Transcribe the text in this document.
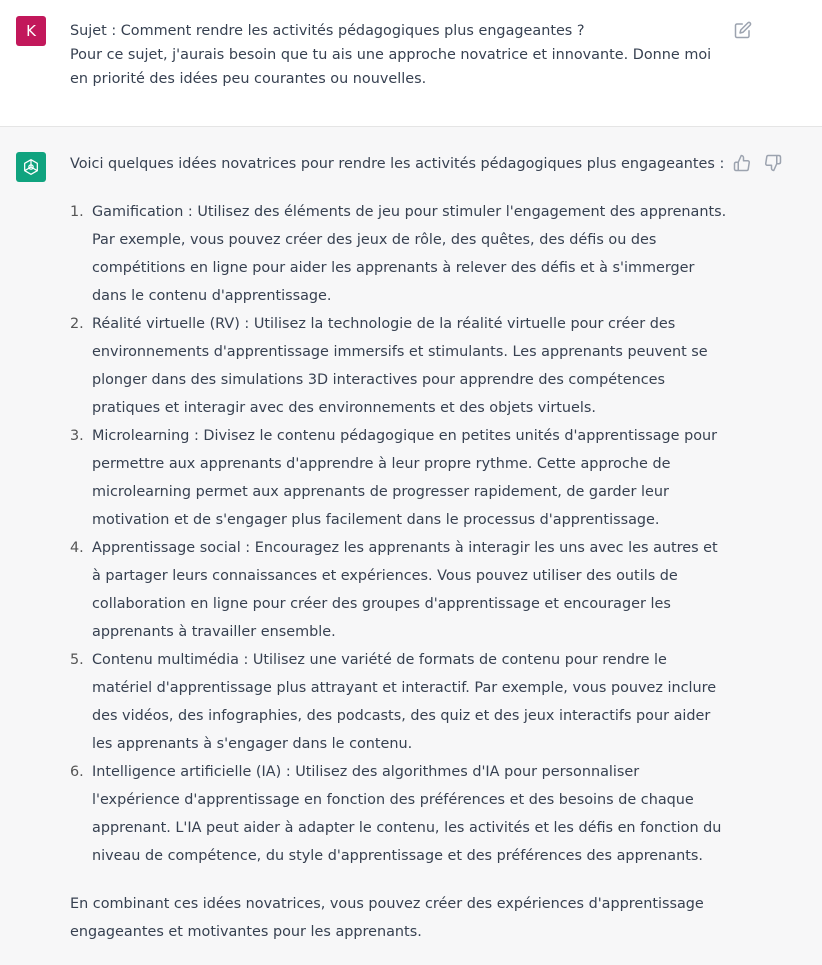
K	Sujet : Comment rendre les activités pédagogiques plus engageantes ?

Pour ce sujet, j'aurais besoin que tu ais une approche novatrice et innovante. Donne moi en priorité des idées peu courantes ou nouvelles.

Voici quelques idées novatrices pour rendre les activités pédagogiques plus engageantes :

1. Gamification : Utilisez des éléments de jeu pour stimuler l'engagement des apprenants. Par exemple, vous pouvez créer des jeux de rôle, des quêtes, des défis ou des compétitions en ligne pour aider les apprenants à relever des défis et à s'immerger dans le contenu d'apprentissage.
2. Réalité virtuelle (RV) : Utilisez la technologie de la réalité virtuelle pour créer des environnements d'apprentissage immersifs et stimulants. Les apprenants peuvent se plonger dans des simulations 3D interactives pour apprendre des compétences pratiques et interagir avec des environnements et des objets virtuels.
3. Microlearning : Divisez le contenu pédagogique en petites unités d'apprentissage pour permettre aux apprenants d'apprendre à leur propre rythme. Cette approche de microlearning permet aux apprenants de progresser rapidement, de garder leur motivation et de s'engager plus facilement dans le processus d'apprentissage.
4. Apprentissage social : Encouragez les apprenants à interagir les uns avec les autres et à partager leurs connaissances et expériences. Vous pouvez utiliser des outils de collaboration en ligne pour créer des groupes d'apprentissage et encourager les apprenants à travailler ensemble.
5. Contenu multimédia : Utilisez une variété de formats de contenu pour rendre le matériel d'apprentissage plus attrayant et interactif. Par exemple, vous pouvez inclure des vidéos, des infographies, des podcasts, des quiz et des jeux interactifs pour aider les apprenants à s'engager dans le contenu.
6. Intelligence artificielle (IA) : Utilisez des algorithmes d'IA pour personnaliser l'expérience d'apprentissage en fonction des préférences et des besoins de chaque apprenant. L'IA peut aider à adapter le contenu, les activités et les défis en fonction du niveau de compétence, du style d'apprentissage et des préférences des apprenants.

En combinant ces idées novatrices, vous pouvez créer des expériences d'apprentissage engageantes et motivantes pour les apprenants.
